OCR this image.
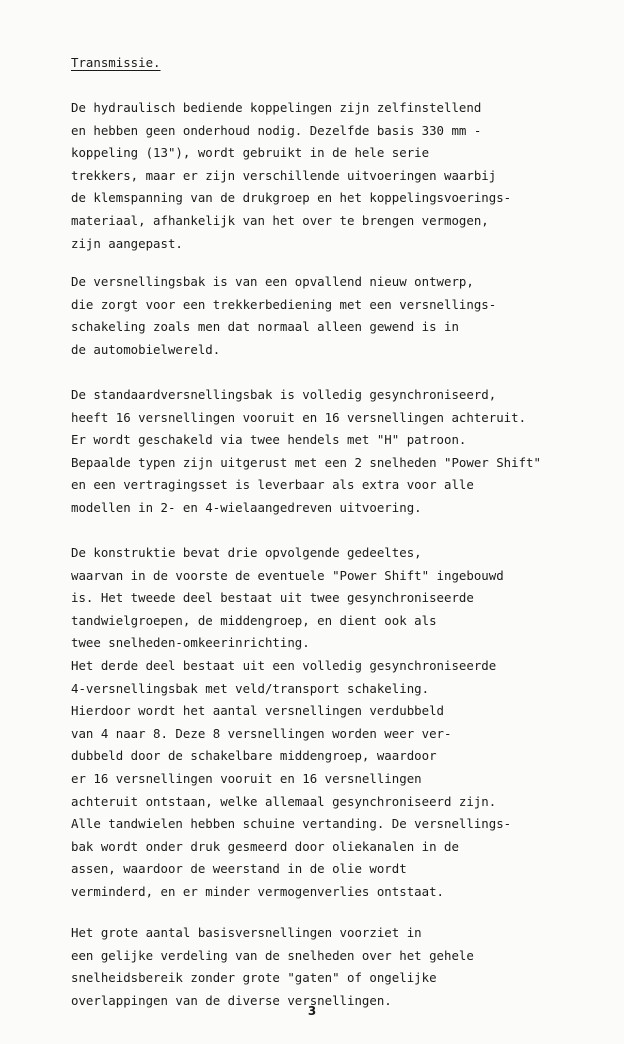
Transmissie.
De hydraulisch bediende koppelingen zijn zelfinstellend
en hebben geen onderhoud nodig. Dezelfde basis 330 mm -
koppeling (13"), wordt gebruikt in de hele serie
trekkers, maar er zijn verschillende uitvoeringen waarbij
de klemspanning van de drukgroep en het koppelingsvoerings-
materiaal, afhankelijk van het over te brengen vermogen,
zijn aangepast.
De versnellingsbak is van een opvallend nieuw ontwerp,
die zorgt voor een trekkerbediening met een versnellings-
schakeling zoals men dat normaal alleen gewend is in
de automobielwereld.
De standaardversnellingsbak is volledig gesynchroniseerd,
heeft 16 versnellingen vooruit en 16 versnellingen achteruit.
Er wordt geschakeld via twee hendels met "H" patroon.
Bepaalde typen zijn uitgerust met een 2 snelheden "Power Shift"
en een vertragingsset is leverbaar als extra voor alle
modellen in 2- en 4-wielaangedreven uitvoering.
De konstruktie bevat drie opvolgende gedeeltes,
waarvan in de voorste de eventuele "Power Shift" ingebouwd
is. Het tweede deel bestaat uit twee gesynchroniseerde
tandwielgroepen, de middengroep, en dient ook als
twee snelheden-omkeerinrichting.
Het derde deel bestaat uit een volledig gesynchroniseerde
4-versnellingsbak met veld/transport schakeling.
Hierdoor wordt het aantal versnellingen verdubbeld
van 4 naar 8. Deze 8 versnellingen worden weer ver-
dubbeld door de schakelbare middengroep, waardoor
er 16 versnellingen vooruit en 16 versnellingen
achteruit ontstaan, welke allemaal gesynchroniseerd zijn.
Alle tandwielen hebben schuine vertanding. De versnellings-
bak wordt onder druk gesmeerd door oliekanalen in de
assen, waardoor de weerstand in de olie wordt
verminderd, en er minder vermogenverlies ontstaat.
Het grote aantal basisversnellingen voorziet in
een gelijke verdeling van de snelheden over het gehele
snelheidsbereik zonder grote "gaten" of ongelijke
overlappingen van de diverse versnellingen.
3
